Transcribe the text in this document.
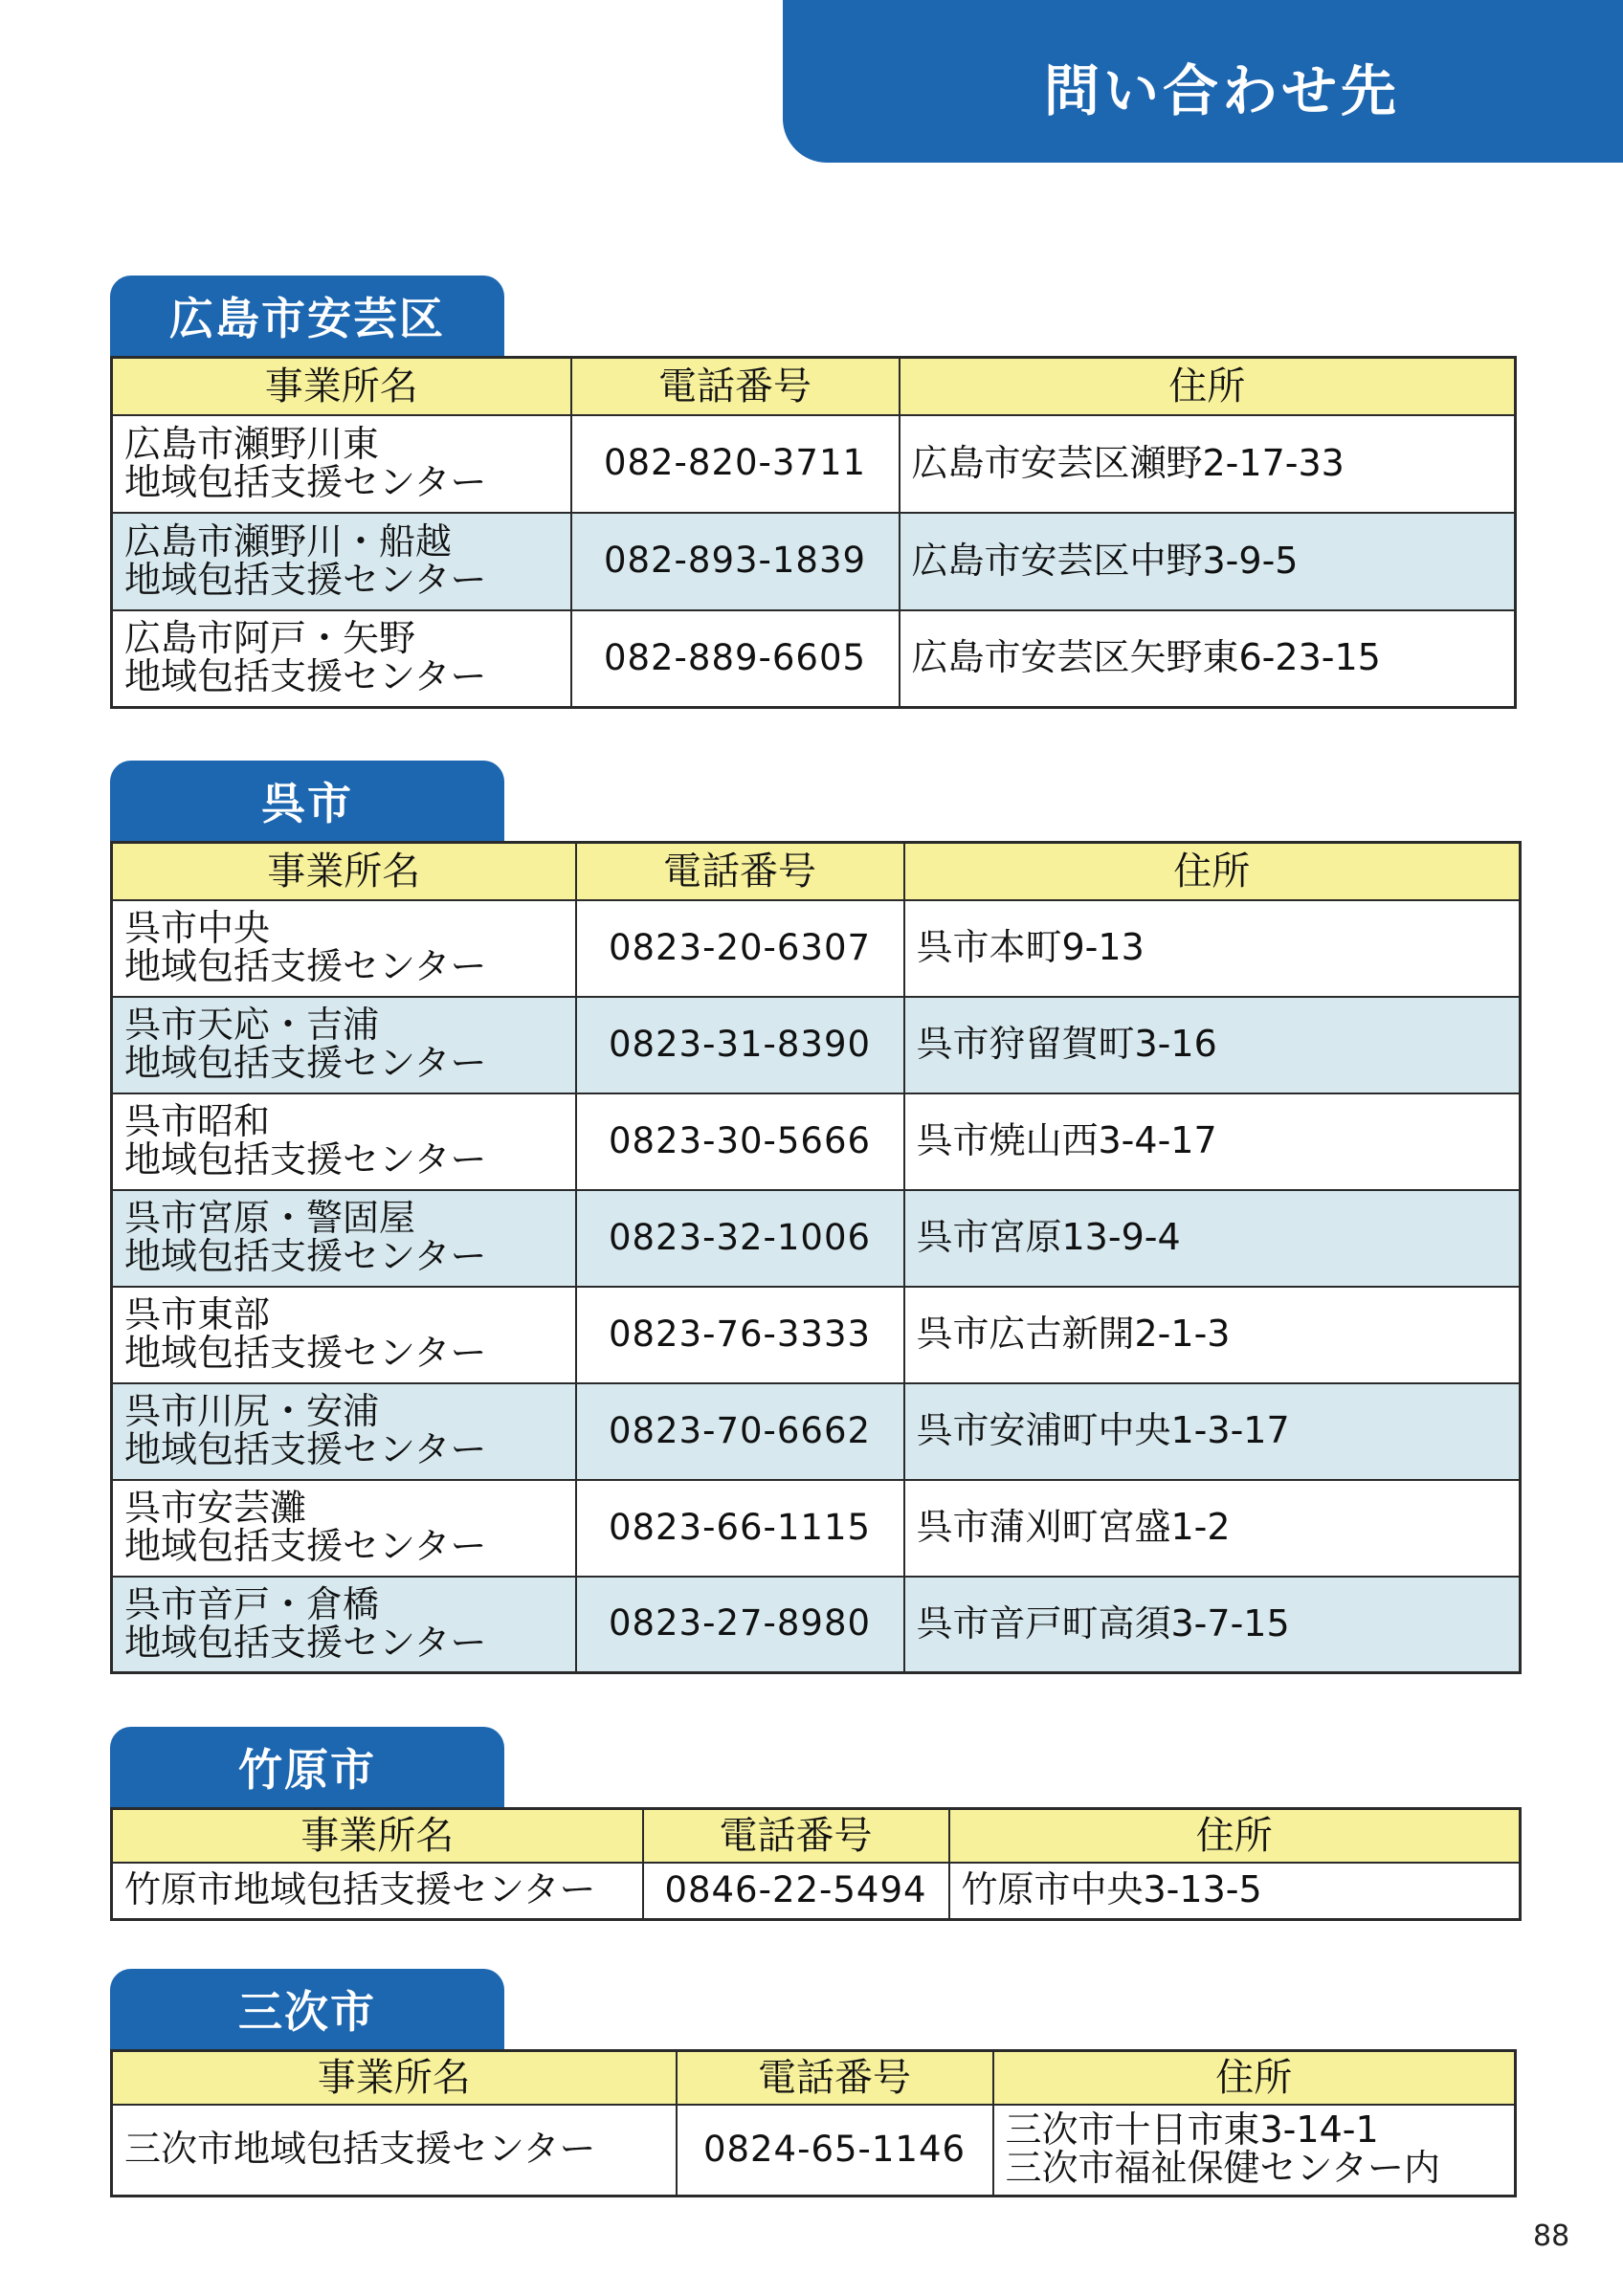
問い合わせ先
広島市安芸区
事業所名	電話番号	住所

広島市瀬野川東
地域包括支援センター	082-820-3711	広島市安芸区瀬野2-17-33

広島市瀬野川・船越
地域包括支援センター	082-893-1839	広島市安芸区中野3-9-5

広島市阿戸・矢野
地域包括支援センター	082-889-6605	広島市安芸区矢野東6-23-15
呉市
事業所名	電話番号	住所

呉市中央
地域包括支援センター	0823-20-6307	呉市本町9-13

呉市天応・吉浦
地域包括支援センター	0823-31-8390	呉市狩留賀町3-16

呉市昭和
地域包括支援センター	0823-30-5666	呉市焼山西3-4-17

呉市宮原・警固屋
地域包括支援センター	0823-32-1006	呉市宮原13-9-4

呉市東部
地域包括支援センター	0823-76-3333	呉市広古新開2-1-3

呉市川尻・安浦
地域包括支援センター	0823-70-6662	呉市安浦町中央1-3-17

呉市安芸灘
地域包括支援センター	0823-66-1115	呉市蒲刈町宮盛1-2

呉市音戸・倉橋
地域包括支援センター	0823-27-8980	呉市音戸町高須3-7-15
竹原市
事業所名	電話番号	住所

竹原市地域包括支援センター	0846-22-5494	竹原市中央3-13-5
三次市
事業所名	電話番号	住所

三次市地域包括支援センター	0824-65-1146	三次市十日市東3-14-1
三次市福祉保健センター内
88
